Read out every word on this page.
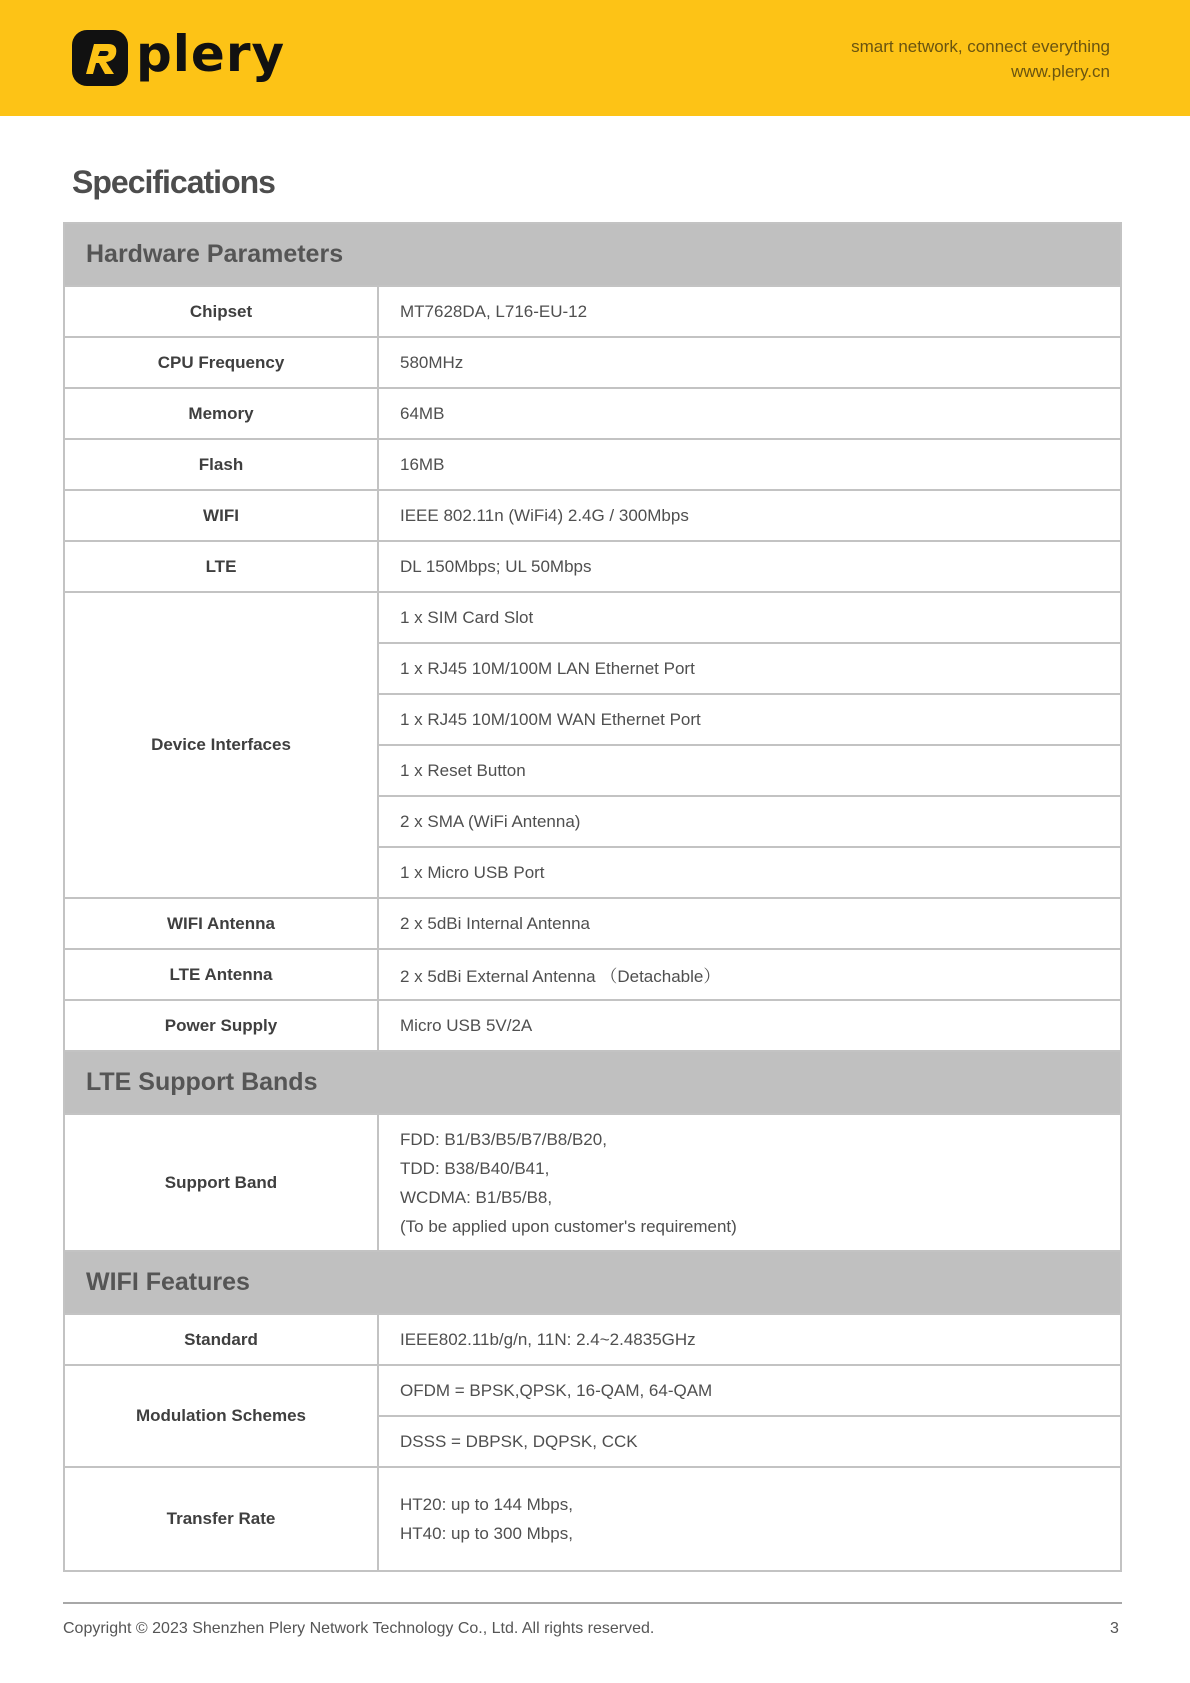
plery	smart network, connect everything
www.plery.cn
Specifications
Hardware Parameters	
Chipset	MT7628DA, L716-EU-12
CPU Frequency	580MHz
Memory	64MB
Flash	16MB
WIFI	IEEE 802.11n (WiFi4) 2.4G / 300Mbps
LTE	DL 150Mbps; UL 50Mbps
Device Interfaces	1 x SIM Card Slot
	1 x RJ45 10M/100M LAN Ethernet Port
	1 x RJ45 10M/100M WAN Ethernet Port
	1 x Reset Button
	2 x SMA (WiFi Antenna)
	1 x Micro USB Port
WIFI Antenna	2 x 5dBi Internal Antenna
LTE Antenna	2 x 5dBi External Antenna （Detachable）
Power Supply	Micro USB 5V/2A
LTE Support Bands	
Support Band	FDD: B1/B3/B5/B7/B8/B20,
TDD: B38/B40/B41,
WCDMA: B1/B5/B8,
(To be applied upon customer's requirement)

WIFI Features	
Standard	IEEE802.11b/g/n, 11N: 2.4~2.4835GHz
Modulation Schemes	OFDM = BPSK,QPSK, 16-QAM, 64-QAM
	DSSS = DBPSK, DQPSK, CCK
Transfer Rate	HT20: up to 144 Mbps,
HT40: up to 300 Mbps,
Copyright © 2023 Shenzhen Plery Network Technology Co., Ltd. All rights reserved.	3
